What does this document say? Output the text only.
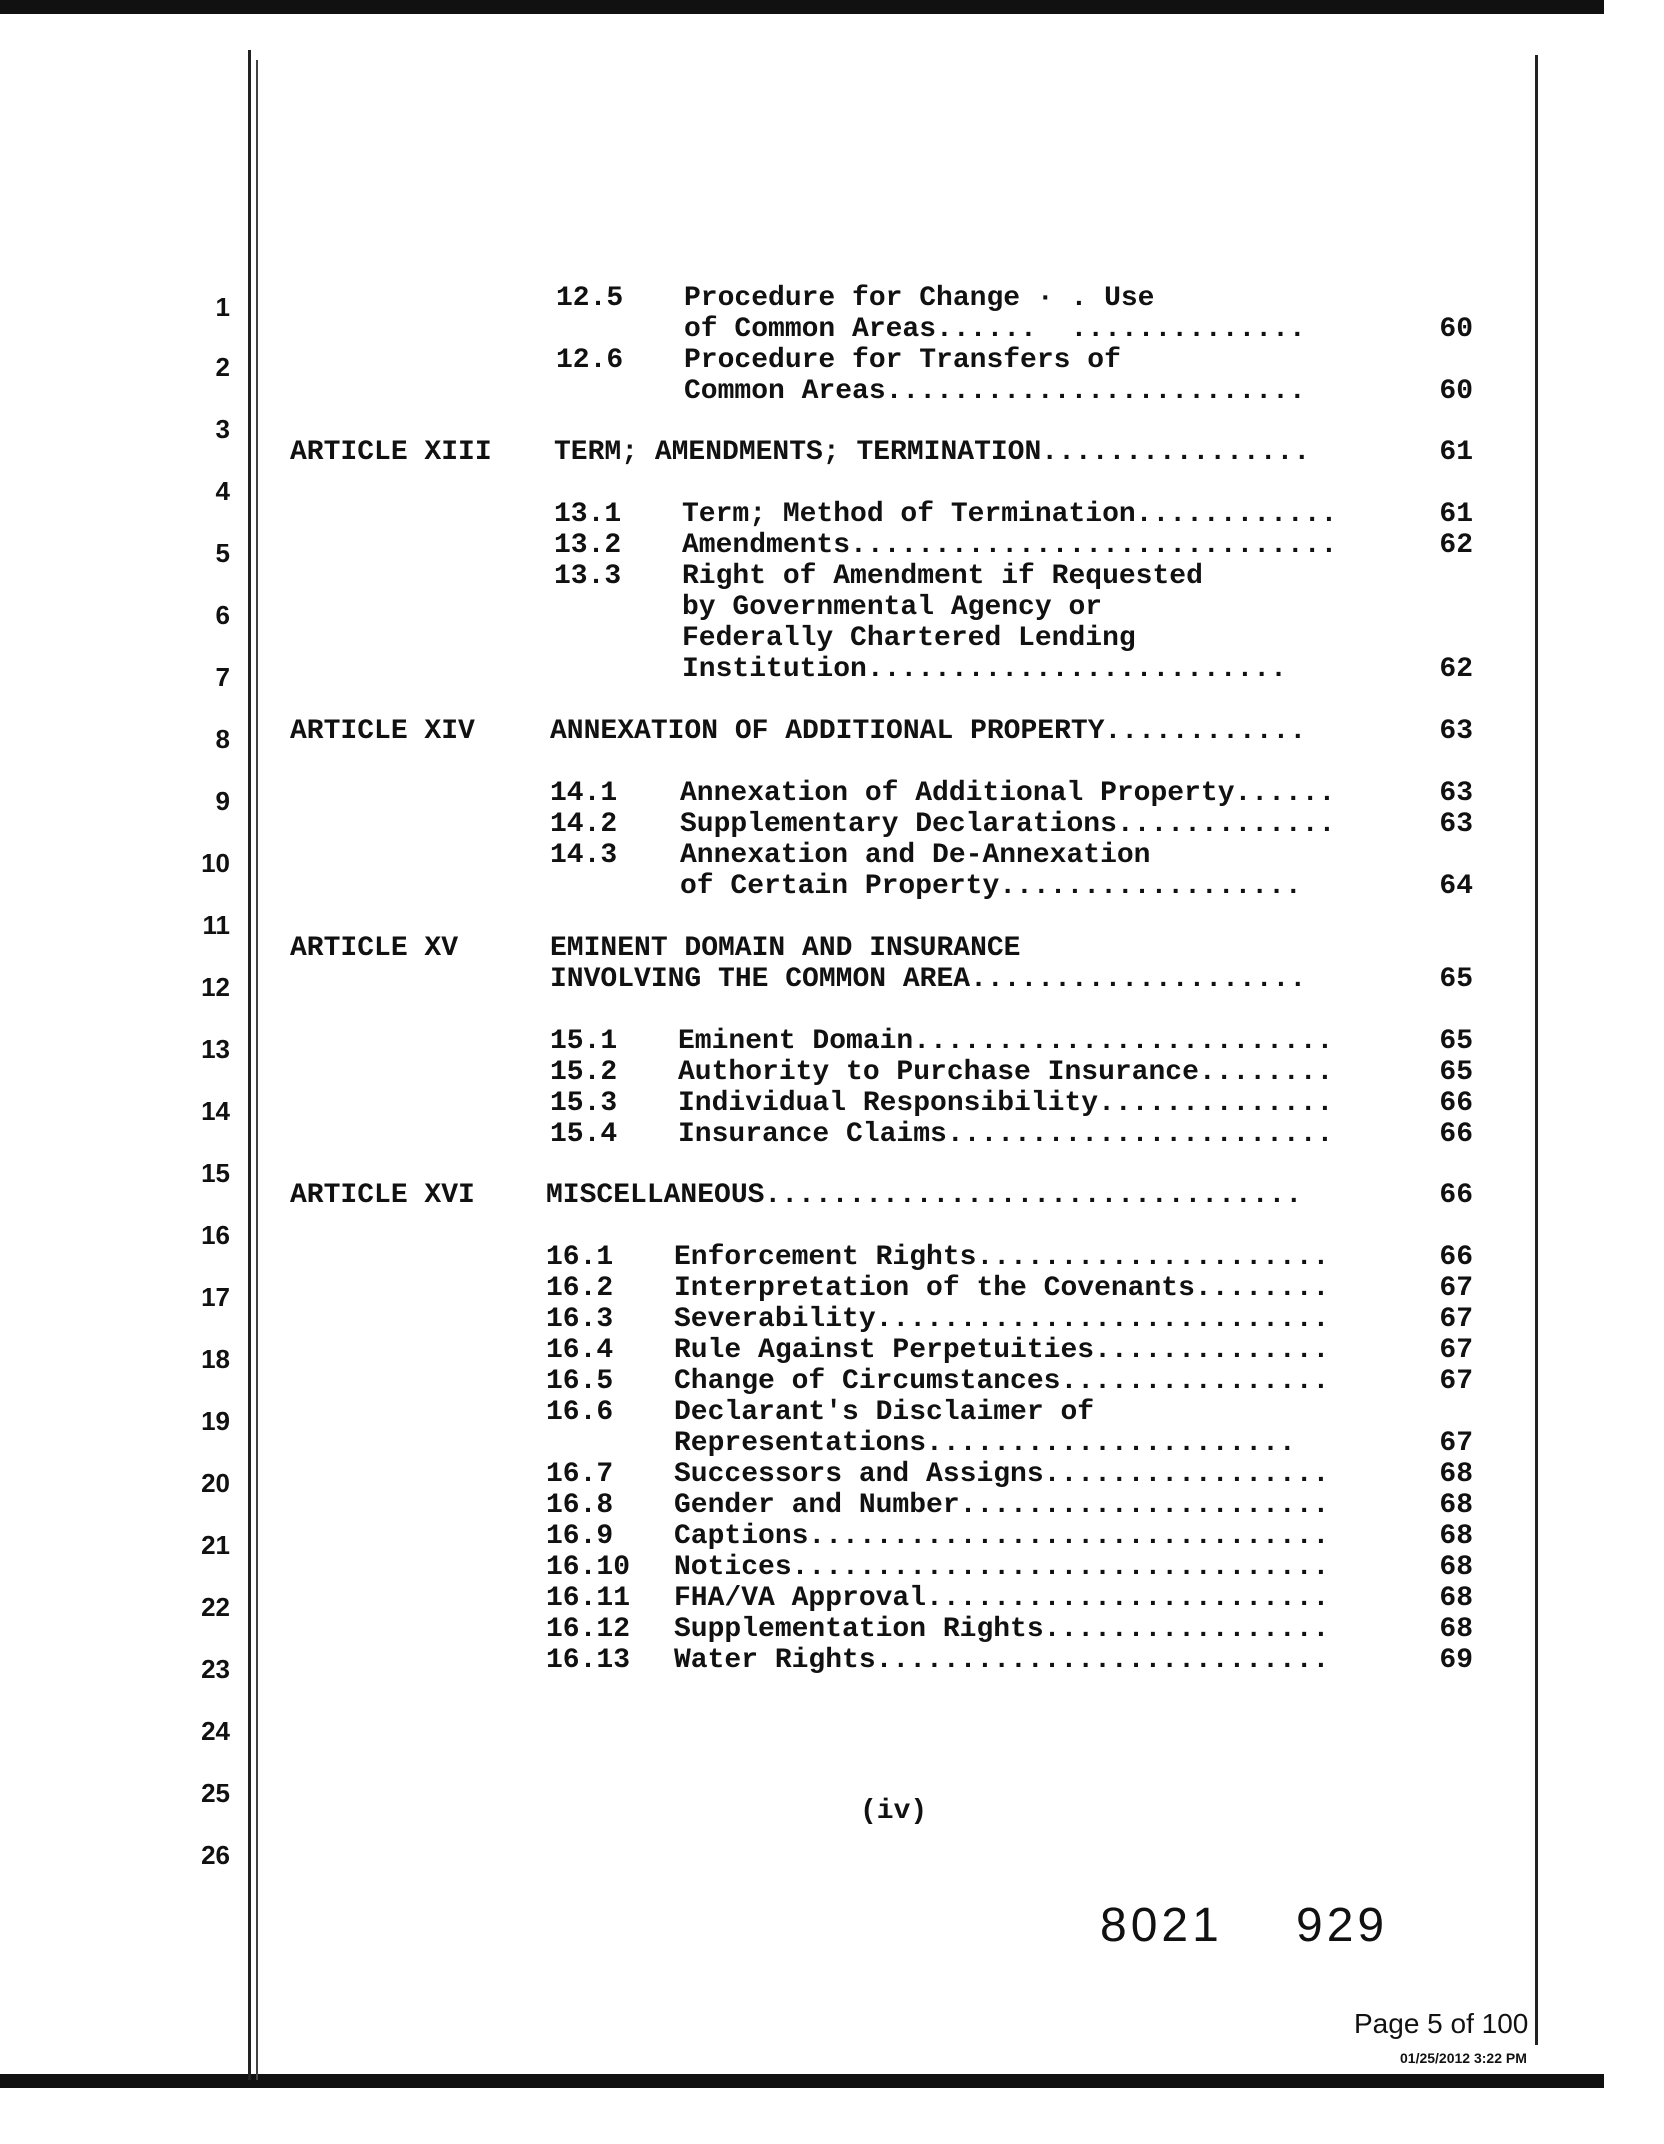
1
2
3
4
5
6
7
8
9
10
11
12
13
14
15
16
17
18
19
20
21
22
23
24
25
26
12.5 Procedure for Change · . Use
of Common Areas......  ..............	60
12.6 Procedure for Transfers of
Common Areas.........................	60
ARTICLE XIII TERM; AMENDMENTS; TERMINATION................	61
13.1 Term; Method of Termination............	61
13.2 Amendments.............................	62
13.3 Right of Amendment if Requested
by Governmental Agency or
Federally Chartered Lending
Institution.........................	62
ARTICLE XIV	ANNEXATION OF ADDITIONAL PROPERTY............	63
14.1 Annexation of Additional Property......	63
14.2 Supplementary Declarations.............	63
14.3 Annexation and De-Annexation
of Certain Property..................	64
ARTICLE XV	EMINENT DOMAIN AND INSURANCE
INVOLVING THE COMMON AREA....................	65
15.1 Eminent Domain.........................	65
15.2 Authority to Purchase Insurance........	65
15.3 Individual Responsibility..............	66
15.4 Insurance Claims.......................	66
ARTICLE XVI	MISCELLANEOUS................................	66
16.1 Enforcement Rights.....................	66
16.2 Interpretation of the Covenants........	67
16.3 Severability...........................	67
16.4 Rule Against Perpetuities..............	67
16.5 Change of Circumstances................	67
16.6 Declarant's Disclaimer of
Representations......................	67
16.7 Successors and Assigns.................	68
16.8 Gender and Number......................	68
16.9 Captions...............................	68
16.10 Notices................................	68
16.11 FHA/VA Approval........................	68
16.12 Supplementation Rights.................	68
16.13 Water Rights...........................	69
(iv)
8021 929
Page 5 of 100
01/25/2012 3:22 PM
